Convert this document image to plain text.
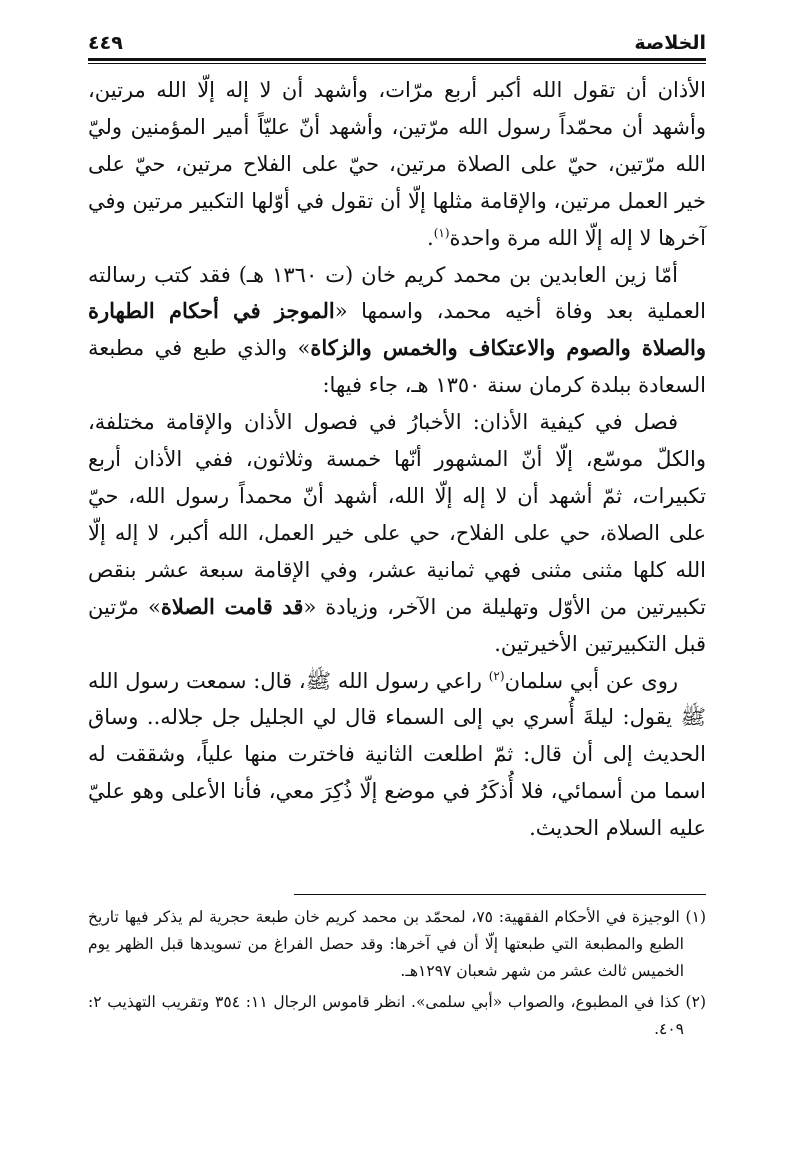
الخلاصة
٤٤٩

الأذان أن تقول الله أكبر أربع مرّات، وأشهد أن لا إله إلّا الله مرتين، وأشهد أن محمّداً رسول الله مرّتين، وأشهد أنّ عليّاً أمير المؤمنين وليّ الله مرّتين، حيّ على الصلاة مرتين، حيّ على الفلاح مرتين، حيّ على خير العمل مرتين، والإقامة مثلها إلّا أن تقول في أوّلها التكبير مرتين وفي آخرها لا إله إلّا الله مرة واحدة$^{(١)}$.

أمّا زين العابدين بن محمد كريم خان (ت ١٣٦٠ هـ) فقد كتب رسالته العملية بعد وفاة أخيه محمد، واسمها «الموجز في أحكام الطهارة والصلاة والصوم والاعتكاف والخمس والزكاة» والذي طبع في مطبعة السعادة ببلدة كرمان سنة ١٣٥٠ هـ، جاء فيها:

فصل في كيفية الأذان: الأخبارُ في فصول الأذان والإقامة مختلفة، والكلّ موسّع، إلّا أنّ المشهور أنّها خمسة وثلاثون، ففي الأذان أربع تكبيرات، ثمّ أشهد أن لا إله إلّا الله، أشهد أنّ محمداً رسول الله، حيّ على الصلاة، حي على الفلاح، حي على خير العمل، الله أكبر، لا إله إلّا الله كلها مثنى مثنى فهي ثمانية عشر، وفي الإقامة سبعة عشر بنقص تكبيرتين من الأوّل وتهليلة من الآخر، وزيادة «قد قامت الصلاة» مرّتين قبل التكبيرتين الأخيرتين.

روى عن أبي سلمان$^{(٢)}$ راعي رسول الله ﷺ، قال: سمعت رسول الله ﷺ يقول: ليلةَ أُسري بي إلى السماء قال لي الجليل جل جلاله.. وساق الحديث إلى أن قال: ثمّ اطلعت الثانية فاخترت منها علياً، وشققت له اسما من أسمائي، فلا أُذكَرُ في موضع إلّا ذُكِرَ معي، فأنا الأعلى وهو عليّ عليه السلام الحديث.

(١) الوجيزة في الأحكام الفقهية: ٧٥، لمحمّد بن محمد كريم خان طبعة حجرية لم يذكر فيها تاريخ الطبع والمطبعة التي طبعتها إلّا أن في آخرها: وقد حصل الفراغ من تسويدها قبل الظهر يوم الخميس ثالث عشر من شهر شعبان ١٢٩٧هـ.

(٢) كذا في المطبوع، والصواب «أبي سلمى». انظر قاموس الرجال ١١: ٣٥٤ وتقريب التهذيب ٢: ٤٠٩.
